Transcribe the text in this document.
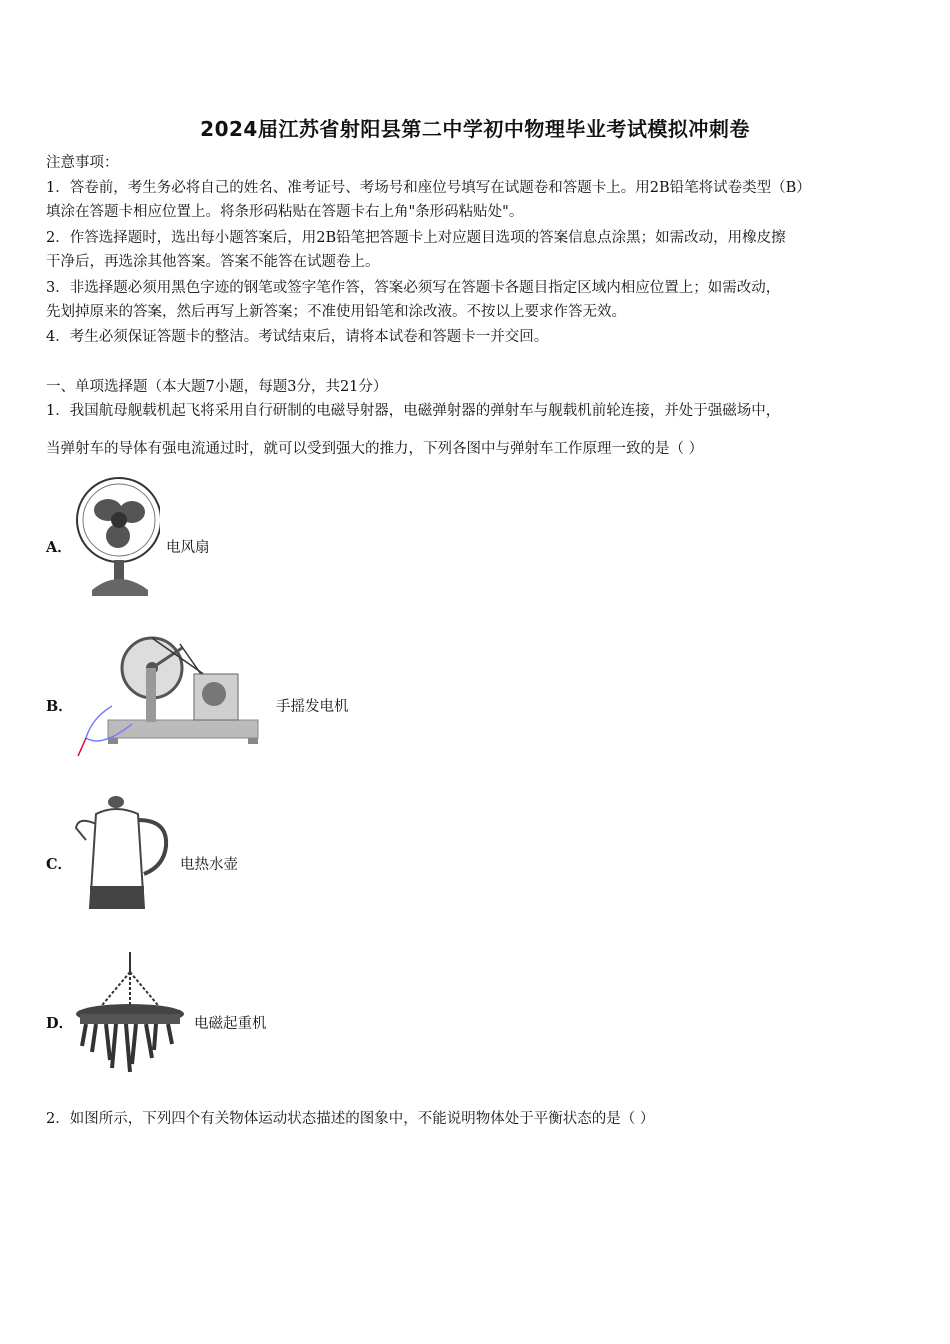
2024届江苏省射阳县第二中学初中物理毕业考试模拟冲刺卷
注意事项：
1．答卷前，考生务必将自己的姓名、准考证号、考场号和座位号填写在试题卷和答题卡上。用2B铅笔将试卷类型（B）
填涂在答题卡相应位置上。将条形码粘贴在答题卡右上角"条形码粘贴处"。
2．作答选择题时，选出每小题答案后，用2B铅笔把答题卡上对应题目选项的答案信息点涂黑；如需改动，用橡皮擦
干净后，再选涂其他答案。答案不能答在试题卷上。
3．非选择题必须用黑色字迹的钢笔或签字笔作答，答案必须写在答题卡各题目指定区域内相应位置上；如需改动，
先划掉原来的答案，然后再写上新答案；不准使用铅笔和涂改液。不按以上要求作答无效。
4．考生必须保证答题卡的整洁。考试结束后，请将本试卷和答题卡一并交回。
一、单项选择题（本大题7小题，每题3分，共21分）
1．我国航母舰载机起飞将采用自行研制的电磁导射器，电磁弹射器的弹射车与舰载机前轮连接，并处于强磁场中，
当弹射车的导体有强电流通过时，就可以受到强大的推力，下列各图中与弹射车工作原理一致的是（ ）
A．	电风扇
B．	手摇发电机
C．	电热水壶
D．	电磁起重机
2．如图所示，下列四个有关物体运动状态描述的图象中，不能说明物体处于平衡状态的是（ ）
